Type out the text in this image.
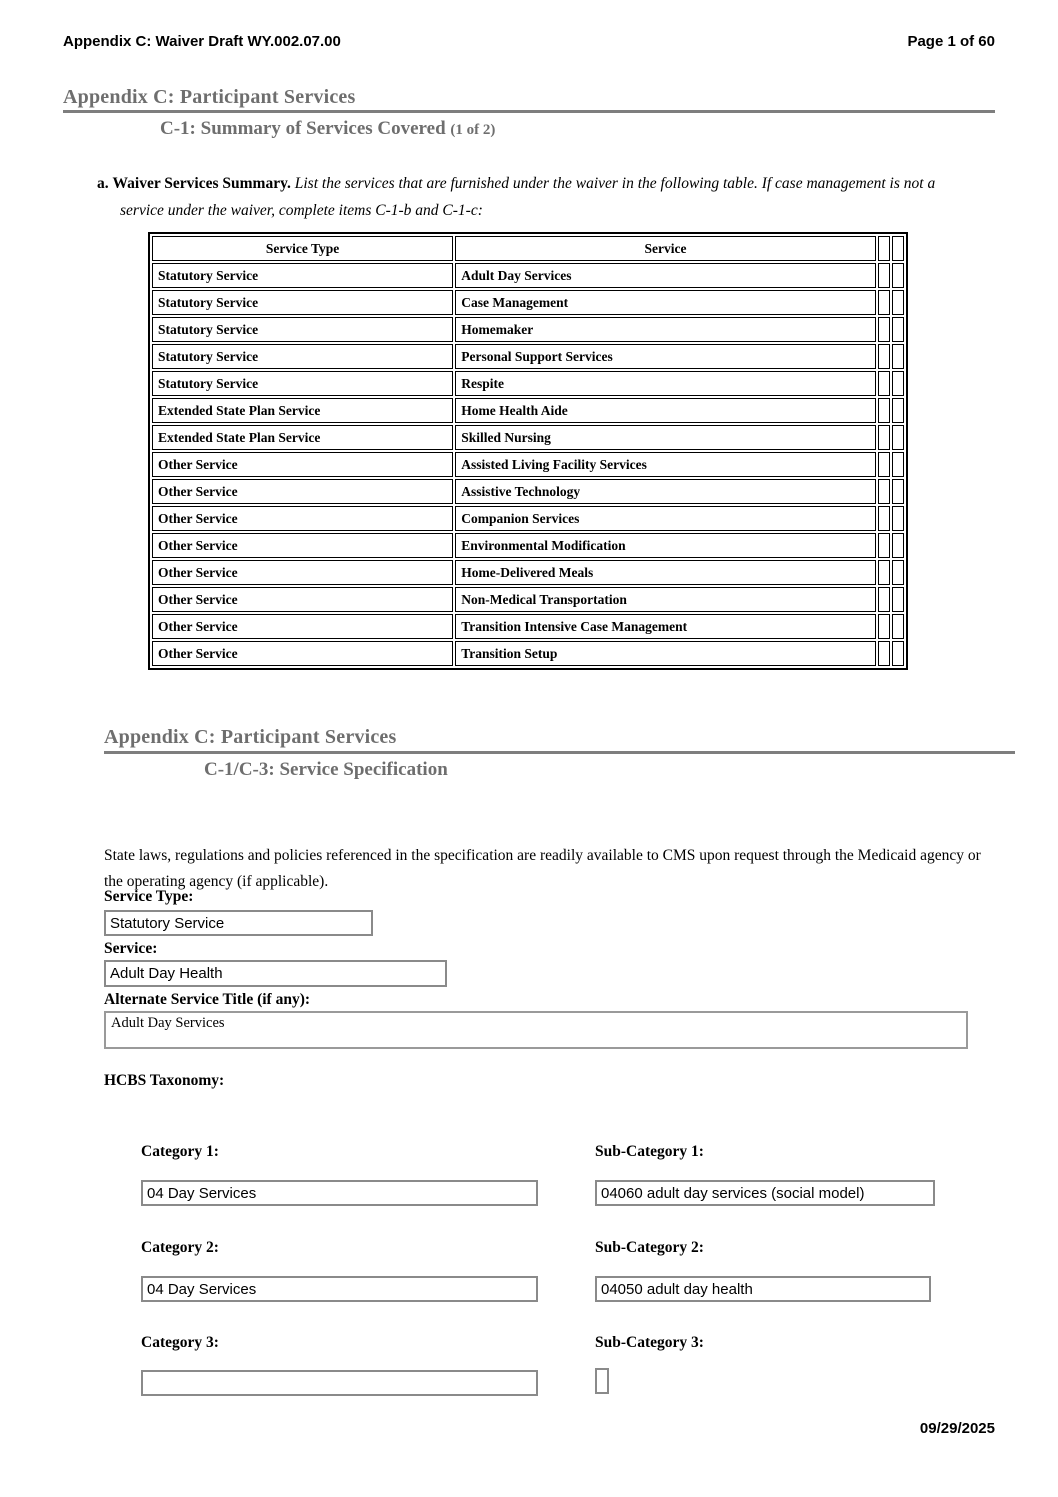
Appendix C: Waiver Draft WY.002.07.00	Page 1 of 60
Appendix C: Participant Services
C-1: Summary of Services Covered (1 of 2)
a. Waiver Services Summary. List the services that are furnished under the waiver in the following table. If case management is not a service under the waiver, complete items C-1-b and C-1-c:
Service Type	Service		
Statutory Service	Adult Day Services		
Statutory Service	Case Management		
Statutory Service	Homemaker		
Statutory Service	Personal Support Services		
Statutory Service	Respite		
Extended State Plan Service	Home Health Aide		
Extended State Plan Service	Skilled Nursing		
Other Service	Assisted Living Facility Services		
Other Service	Assistive Technology		
Other Service	Companion Services		
Other Service	Environmental Modification		
Other Service	Home-Delivered Meals		
Other Service	Non-Medical Transportation		
Other Service	Transition Intensive Case Management		
Other Service	Transition Setup		
Appendix C: Participant Services
C-1/C-3: Service Specification
State laws, regulations and policies referenced in the specification are readily available to CMS upon request through the Medicaid agency or the operating agency (if applicable).
Service Type:
Statutory Service
Service:
Adult Day Health
Alternate Service Title (if any):
Adult Day Services
HCBS Taxonomy:
Category 1:	Sub-Category 1:
04 Day Services
04060 adult day services (social model)
Category 2:	Sub-Category 2:
04 Day Services
04050 adult day health
Category 3:	Sub-Category 3:
09/29/2025
